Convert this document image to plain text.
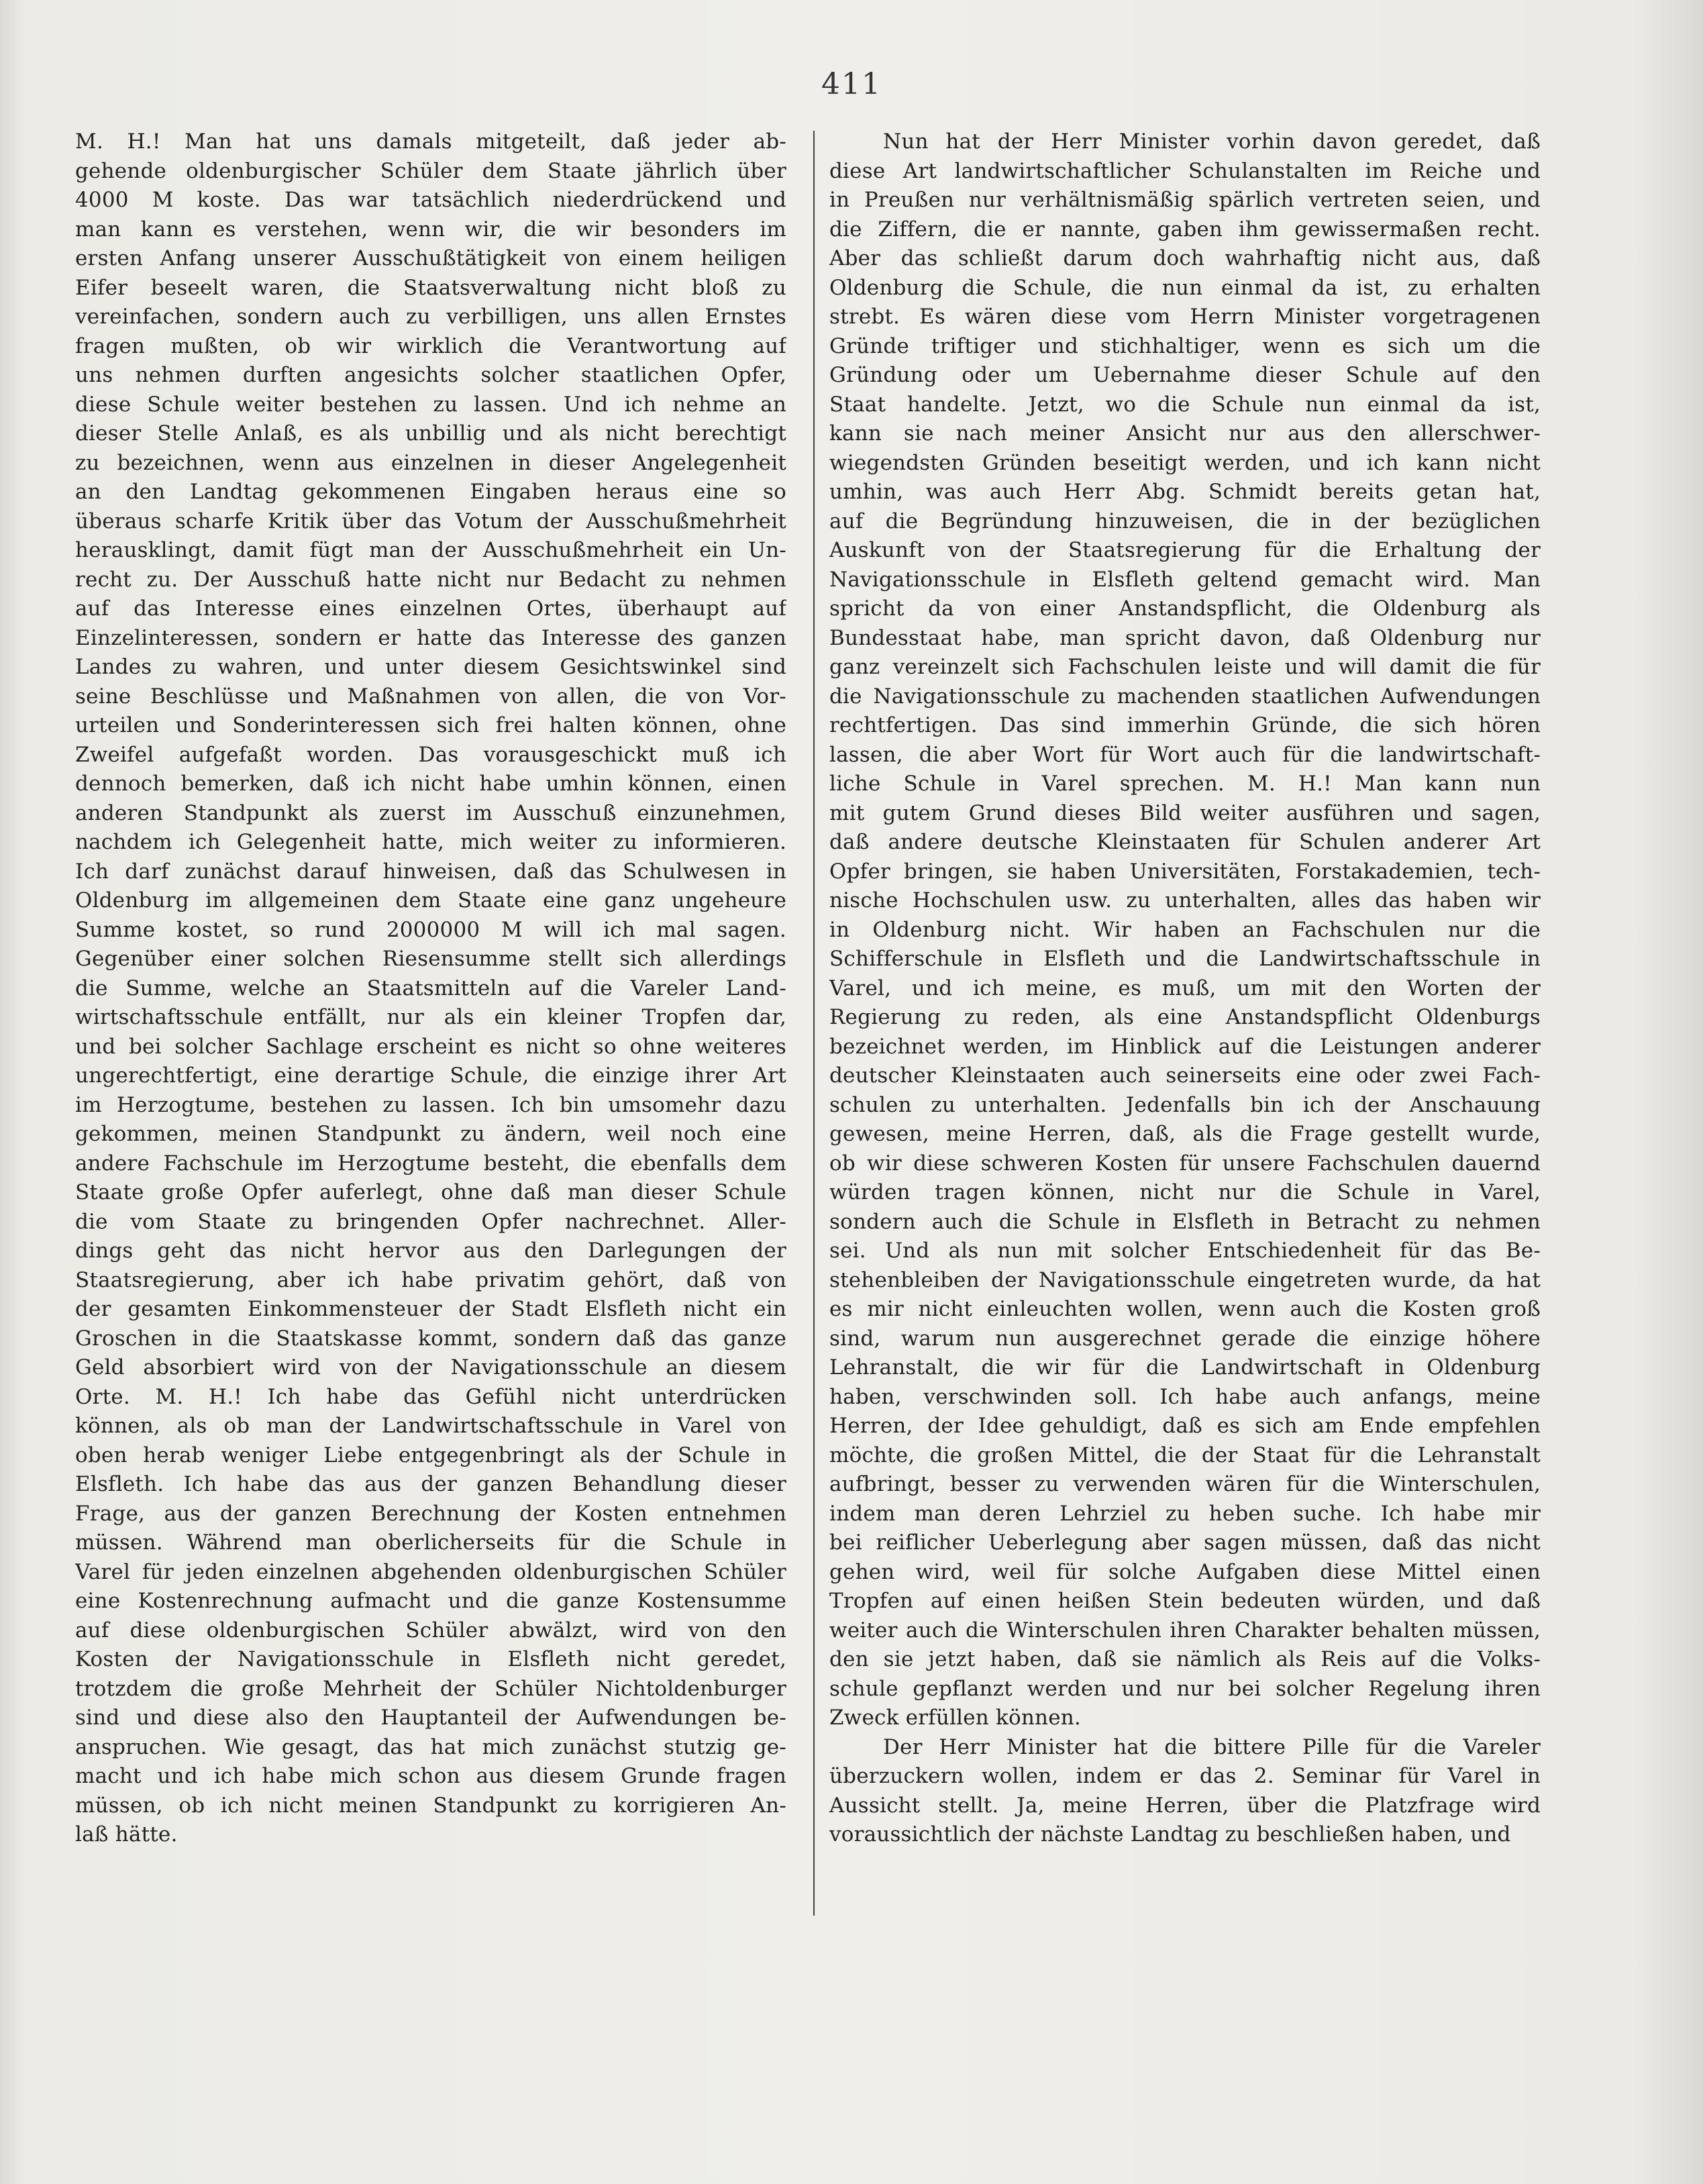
411
M. H.! Man hat uns damals mitgeteilt, daß jeder ab-
gehende oldenburgischer Schüler dem Staate jährlich über
4000 M koste. Das war tatsächlich niederdrückend und
man kann es verstehen, wenn wir, die wir besonders im
ersten Anfang unserer Ausschußtätigkeit von einem heiligen
Eifer beseelt waren, die Staatsverwaltung nicht bloß zu
vereinfachen, sondern auch zu verbilligen, uns allen Ernstes
fragen mußten, ob wir wirklich die Verantwortung auf
uns nehmen durften angesichts solcher staatlichen Opfer,
diese Schule weiter bestehen zu lassen. Und ich nehme an
dieser Stelle Anlaß, es als unbillig und als nicht berechtigt
zu bezeichnen, wenn aus einzelnen in dieser Angelegenheit
an den Landtag gekommenen Eingaben heraus eine so
überaus scharfe Kritik über das Votum der Ausschußmehrheit
herausklingt, damit fügt man der Ausschußmehrheit ein Un-
recht zu. Der Ausschuß hatte nicht nur Bedacht zu nehmen
auf das Interesse eines einzelnen Ortes, überhaupt auf
Einzelinteressen, sondern er hatte das Interesse des ganzen
Landes zu wahren, und unter diesem Gesichtswinkel sind
seine Beschlüsse und Maßnahmen von allen, die von Vor-
urteilen und Sonderinteressen sich frei halten können, ohne
Zweifel aufgefaßt worden. Das vorausgeschickt muß ich
dennoch bemerken, daß ich nicht habe umhin können, einen
anderen Standpunkt als zuerst im Ausschuß einzunehmen,
nachdem ich Gelegenheit hatte, mich weiter zu informieren.
Ich darf zunächst darauf hinweisen, daß das Schulwesen in
Oldenburg im allgemeinen dem Staate eine ganz ungeheure
Summe kostet, so rund 2000000 M will ich mal sagen.
Gegenüber einer solchen Riesensumme stellt sich allerdings
die Summe, welche an Staatsmitteln auf die Vareler Land-
wirtschaftsschule entfällt, nur als ein kleiner Tropfen dar,
und bei solcher Sachlage erscheint es nicht so ohne weiteres
ungerechtfertigt, eine derartige Schule, die einzige ihrer Art
im Herzogtume, bestehen zu lassen. Ich bin umsomehr dazu
gekommen, meinen Standpunkt zu ändern, weil noch eine
andere Fachschule im Herzogtume besteht, die ebenfalls dem
Staate große Opfer auferlegt, ohne daß man dieser Schule
die vom Staate zu bringenden Opfer nachrechnet. Aller-
dings geht das nicht hervor aus den Darlegungen der
Staatsregierung, aber ich habe privatim gehört, daß von
der gesamten Einkommensteuer der Stadt Elsfleth nicht ein
Groschen in die Staatskasse kommt, sondern daß das ganze
Geld absorbiert wird von der Navigationsschule an diesem
Orte. M. H.! Ich habe das Gefühl nicht unterdrücken
können, als ob man der Landwirtschaftsschule in Varel von
oben herab weniger Liebe entgegenbringt als der Schule in
Elsfleth. Ich habe das aus der ganzen Behandlung dieser
Frage, aus der ganzen Berechnung der Kosten entnehmen
müssen. Während man oberlicherseits für die Schule in
Varel für jeden einzelnen abgehenden oldenburgischen Schüler
eine Kostenrechnung aufmacht und die ganze Kostensumme
auf diese oldenburgischen Schüler abwälzt, wird von den
Kosten der Navigationsschule in Elsfleth nicht geredet,
trotzdem die große Mehrheit der Schüler Nichtoldenburger
sind und diese also den Hauptanteil der Aufwendungen be-
anspruchen. Wie gesagt, das hat mich zunächst stutzig ge-
macht und ich habe mich schon aus diesem Grunde fragen
müssen, ob ich nicht meinen Standpunkt zu korrigieren An-
laß hätte.
Nun hat der Herr Minister vorhin davon geredet, daß
diese Art landwirtschaftlicher Schulanstalten im Reiche und
in Preußen nur verhältnismäßig spärlich vertreten seien, und
die Ziffern, die er nannte, gaben ihm gewissermaßen recht.
Aber das schließt darum doch wahrhaftig nicht aus, daß
Oldenburg die Schule, die nun einmal da ist, zu erhalten
strebt. Es wären diese vom Herrn Minister vorgetragenen
Gründe triftiger und stichhaltiger, wenn es sich um die
Gründung oder um Uebernahme dieser Schule auf den
Staat handelte. Jetzt, wo die Schule nun einmal da ist,
kann sie nach meiner Ansicht nur aus den allerschwer-
wiegendsten Gründen beseitigt werden, und ich kann nicht
umhin, was auch Herr Abg. Schmidt bereits getan hat,
auf die Begründung hinzuweisen, die in der bezüglichen
Auskunft von der Staatsregierung für die Erhaltung der
Navigationsschule in Elsfleth geltend gemacht wird. Man
spricht da von einer Anstandspflicht, die Oldenburg als
Bundesstaat habe, man spricht davon, daß Oldenburg nur
ganz vereinzelt sich Fachschulen leiste und will damit die für
die Navigationsschule zu machenden staatlichen Aufwendungen
rechtfertigen. Das sind immerhin Gründe, die sich hören
lassen, die aber Wort für Wort auch für die landwirtschaft-
liche Schule in Varel sprechen. M. H.! Man kann nun
mit gutem Grund dieses Bild weiter ausführen und sagen,
daß andere deutsche Kleinstaaten für Schulen anderer Art
Opfer bringen, sie haben Universitäten, Forstakademien, tech-
nische Hochschulen usw. zu unterhalten, alles das haben wir
in Oldenburg nicht. Wir haben an Fachschulen nur die
Schifferschule in Elsfleth und die Landwirtschaftsschule in
Varel, und ich meine, es muß, um mit den Worten der
Regierung zu reden, als eine Anstandspflicht Oldenburgs
bezeichnet werden, im Hinblick auf die Leistungen anderer
deutscher Kleinstaaten auch seinerseits eine oder zwei Fach-
schulen zu unterhalten. Jedenfalls bin ich der Anschauung
gewesen, meine Herren, daß, als die Frage gestellt wurde,
ob wir diese schweren Kosten für unsere Fachschulen dauernd
würden tragen können, nicht nur die Schule in Varel,
sondern auch die Schule in Elsfleth in Betracht zu nehmen
sei. Und als nun mit solcher Entschiedenheit für das Be-
stehenbleiben der Navigationsschule eingetreten wurde, da hat
es mir nicht einleuchten wollen, wenn auch die Kosten groß
sind, warum nun ausgerechnet gerade die einzige höhere
Lehranstalt, die wir für die Landwirtschaft in Oldenburg
haben, verschwinden soll. Ich habe auch anfangs, meine
Herren, der Idee gehuldigt, daß es sich am Ende empfehlen
möchte, die großen Mittel, die der Staat für die Lehranstalt
aufbringt, besser zu verwenden wären für die Winterschulen,
indem man deren Lehrziel zu heben suche. Ich habe mir
bei reiflicher Ueberlegung aber sagen müssen, daß das nicht
gehen wird, weil für solche Aufgaben diese Mittel einen
Tropfen auf einen heißen Stein bedeuten würden, und daß
weiter auch die Winterschulen ihren Charakter behalten müssen,
den sie jetzt haben, daß sie nämlich als Reis auf die Volks-
schule gepflanzt werden und nur bei solcher Regelung ihren
Zweck erfüllen können.
Der Herr Minister hat die bittere Pille für die Vareler
überzuckern wollen, indem er das 2. Seminar für Varel in
Aussicht stellt. Ja, meine Herren, über die Platzfrage wird
voraussichtlich der nächste Landtag zu beschließen haben, und
